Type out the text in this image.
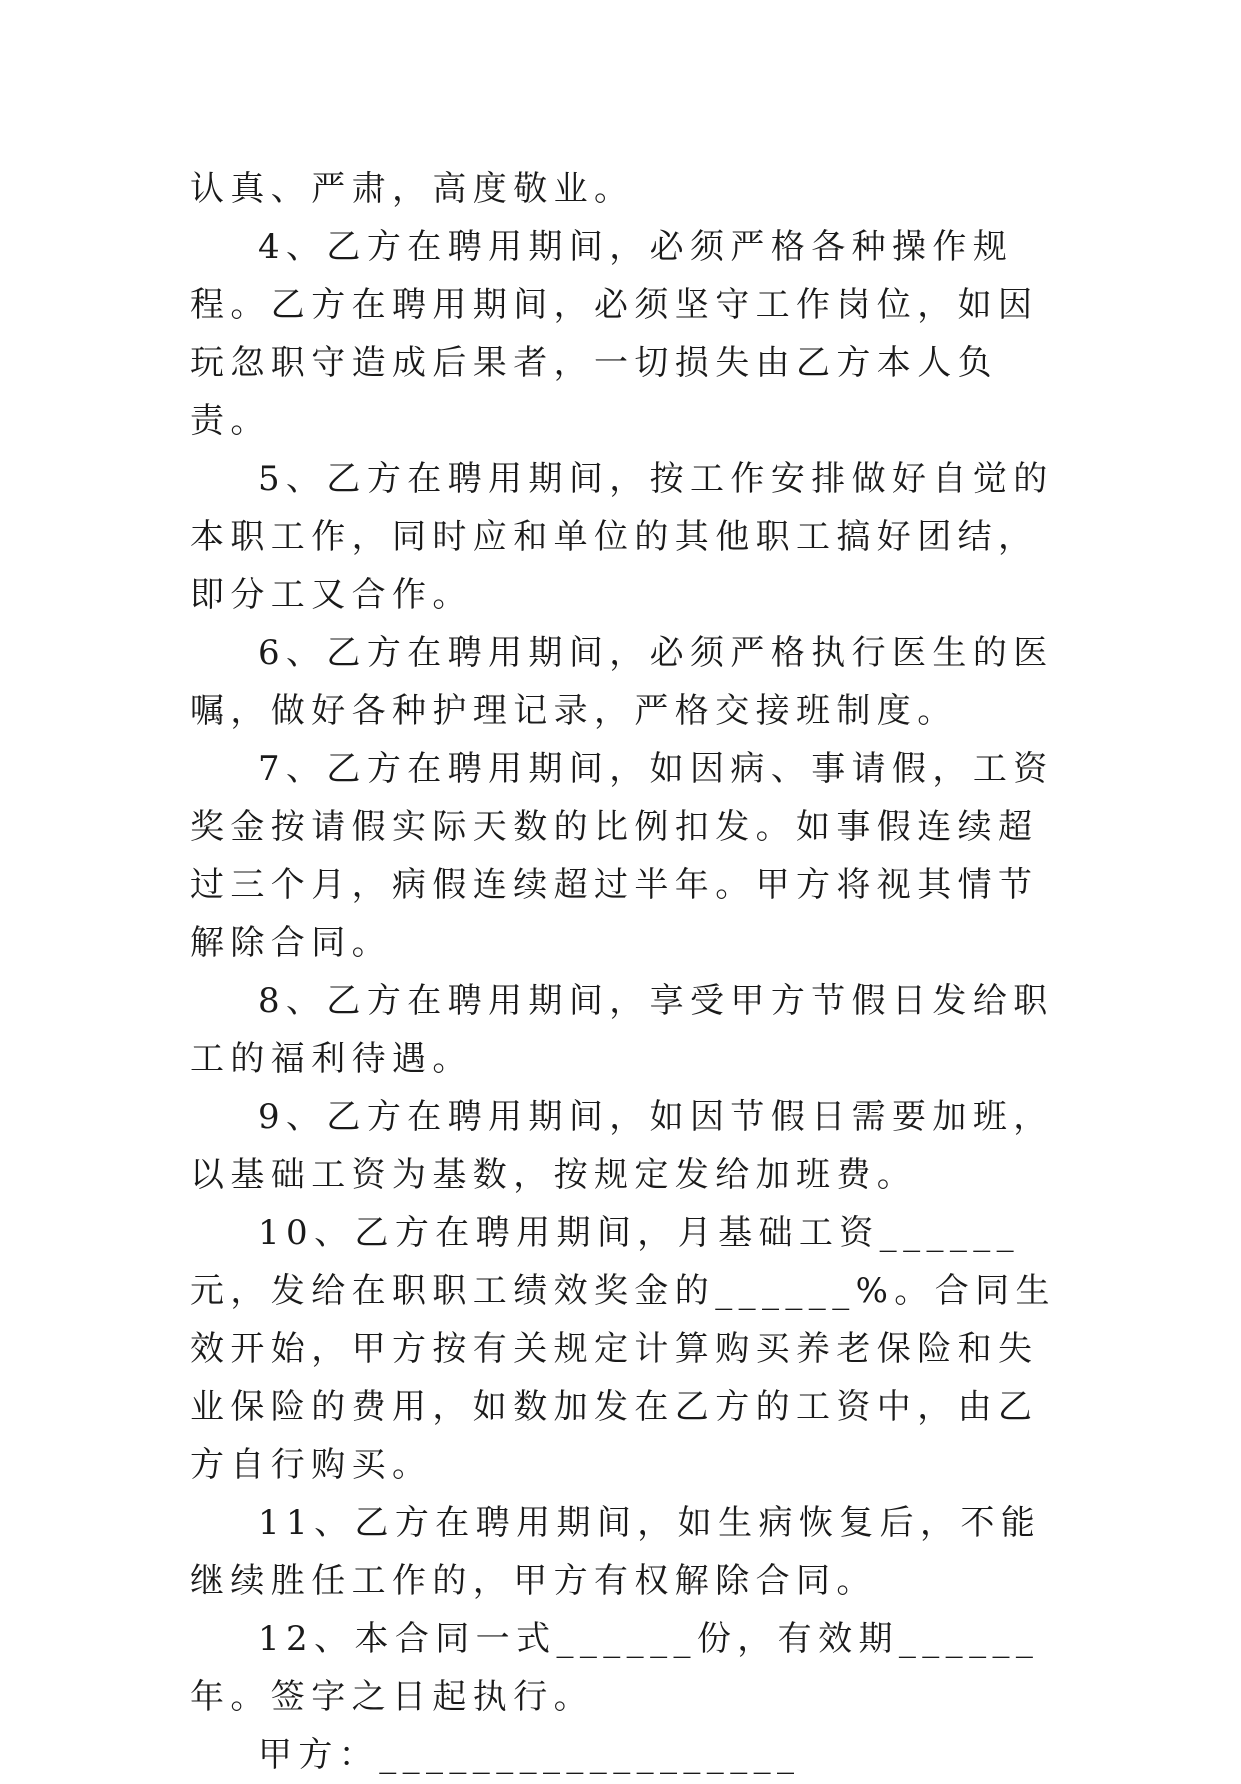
认真、严肃，高度敬业。

4、乙方在聘用期间，必须严格各种操作规程。乙方在聘用期间，必须坚守工作岗位，如因玩忽职守造成后果者，一切损失由乙方本人负责。

5、乙方在聘用期间，按工作安排做好自觉的本职工作，同时应和单位的其他职工搞好团结，即分工又合作。

6、乙方在聘用期间，必须严格执行医生的医嘱，做好各种护理记录，严格交接班制度。

7、乙方在聘用期间，如因病、事请假，工资奖金按请假实际天数的比例扣发。如事假连续超过三个月，病假连续超过半年。甲方将视其情节解除合同。

8、乙方在聘用期间，享受甲方节假日发给职工的福利待遇。

9、乙方在聘用期间，如因节假日需要加班，以基础工资为基数，按规定发给加班费。

10、乙方在聘用期间，月基础工资______元，发给在职职工绩效奖金的______%。合同生效开始，甲方按有关规定计算购买养老保险和失业保险的费用，如数加发在乙方的工资中，由乙方自行购买。

11、乙方在聘用期间，如生病恢复后，不能继续胜任工作的，甲方有权解除合同。

12、本合同一式______份，有效期______年。签字之日起执行。

甲方：__________________
